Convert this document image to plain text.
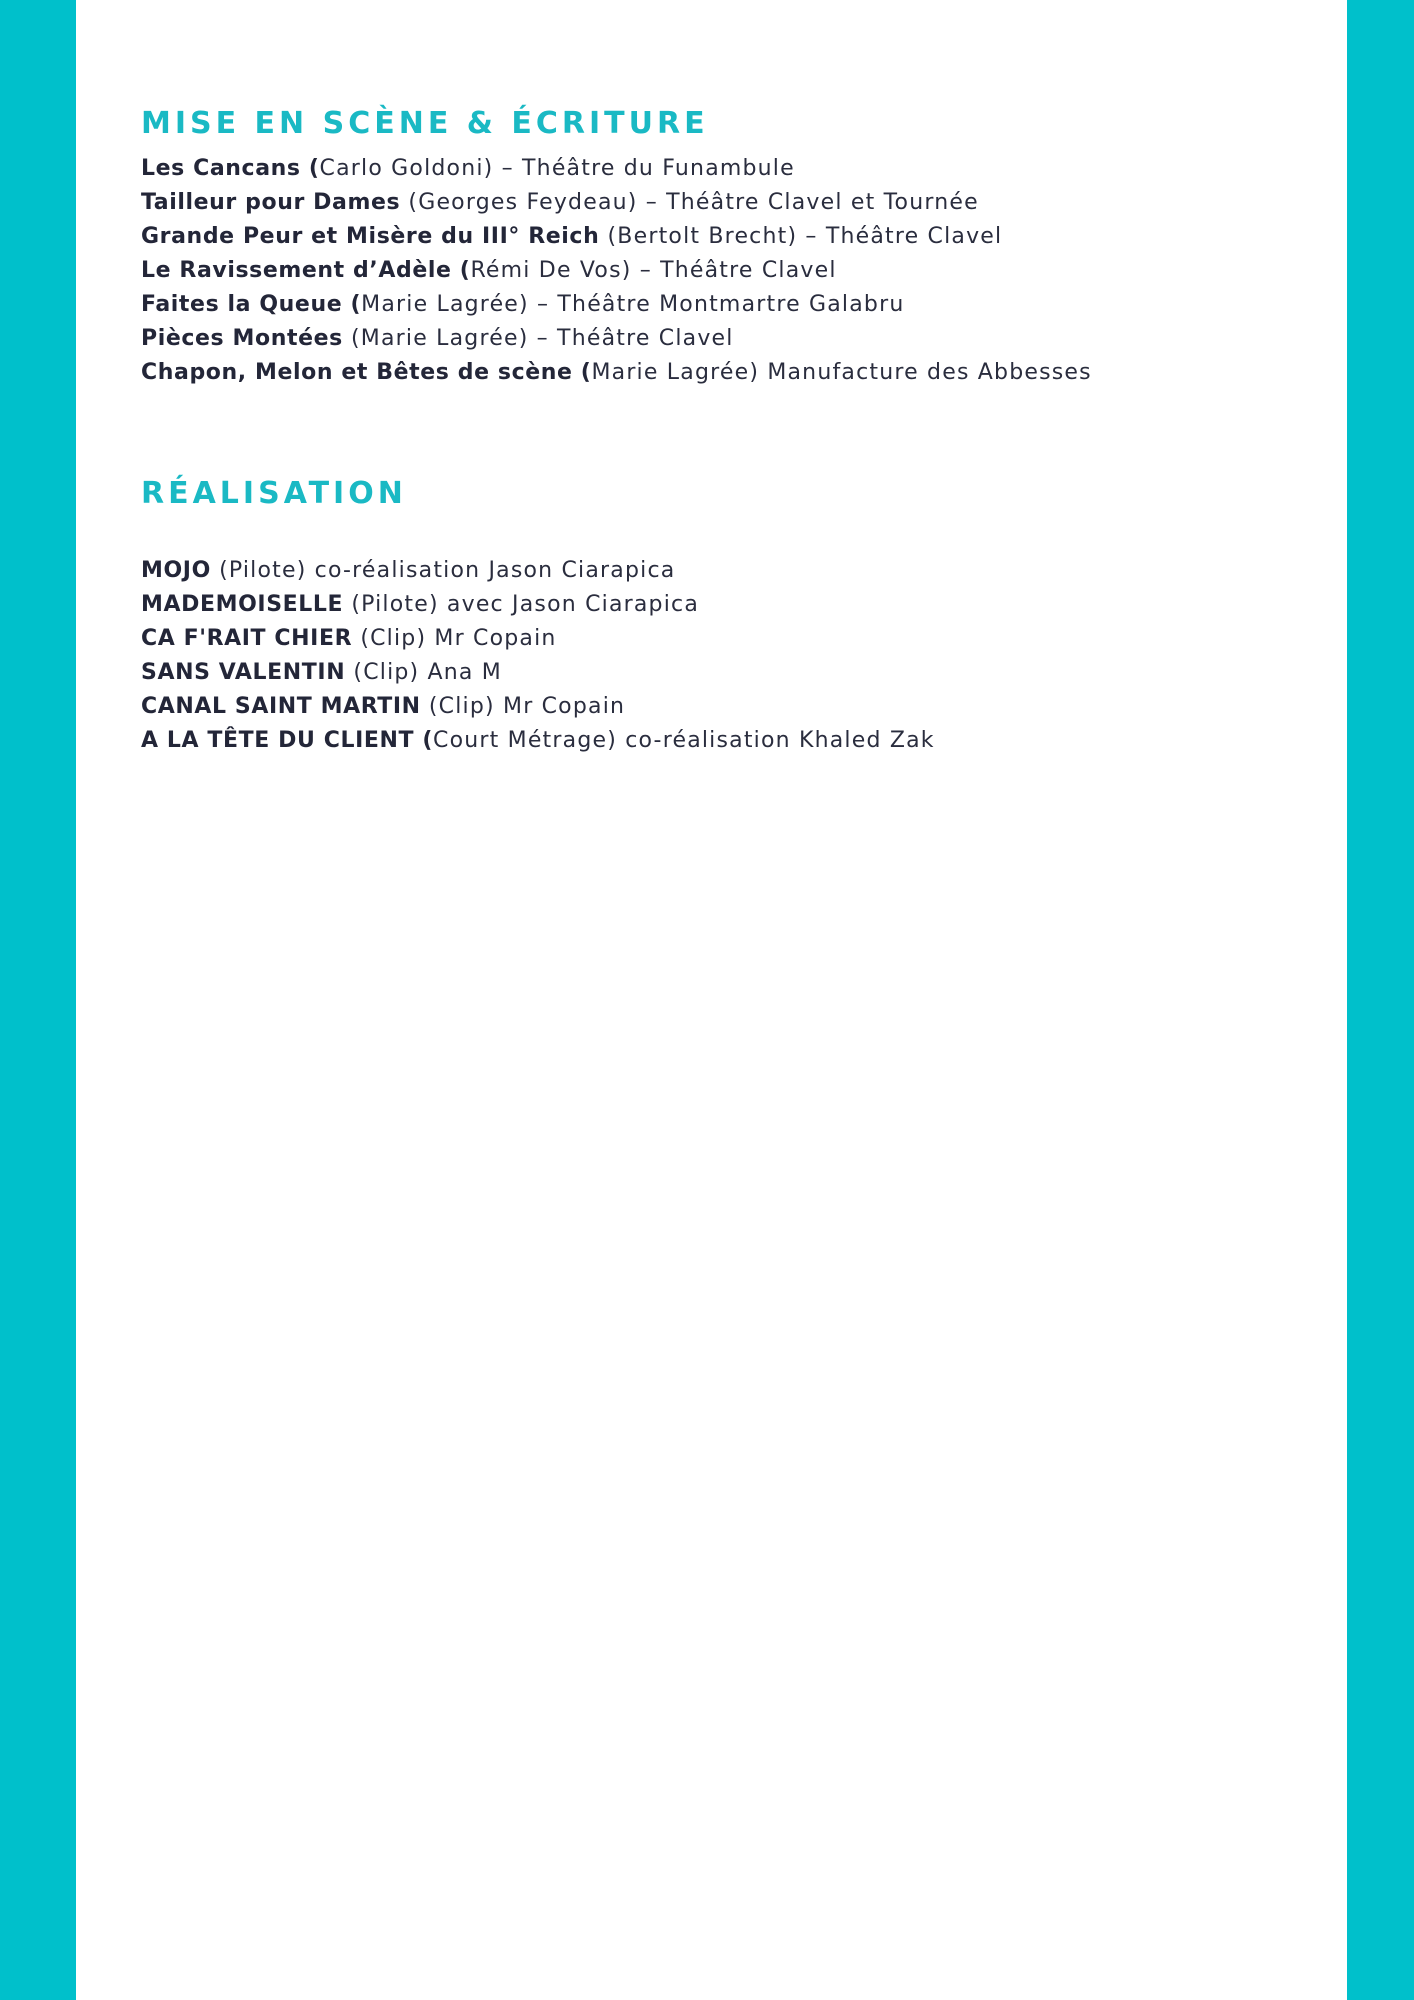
MISE EN SCÈNE & ÉCRITURE
Les Cancans (Carlo Goldoni) – Théâtre du Funambule
Tailleur pour Dames (Georges Feydeau) – Théâtre Clavel et Tournée
Grande Peur et Misère du III° Reich (Bertolt Brecht) – Théâtre Clavel
Le Ravissement d’Adèle (Rémi De Vos) – Théâtre Clavel
Faites la Queue (Marie Lagrée) – Théâtre Montmartre Galabru
Pièces Montées (Marie Lagrée) – Théâtre Clavel
Chapon, Melon et Bêtes de scène (Marie Lagrée) Manufacture des Abbesses
RÉALISATION
MOJO (Pilote) co-réalisation Jason Ciarapica
MADEMOISELLE (Pilote) avec Jason Ciarapica
CA F'RAIT CHIER (Clip) Mr Copain
SANS VALENTIN (Clip) Ana M
CANAL SAINT MARTIN (Clip) Mr Copain
A LA TÊTE DU CLIENT (Court Métrage) co-réalisation Khaled Zak
